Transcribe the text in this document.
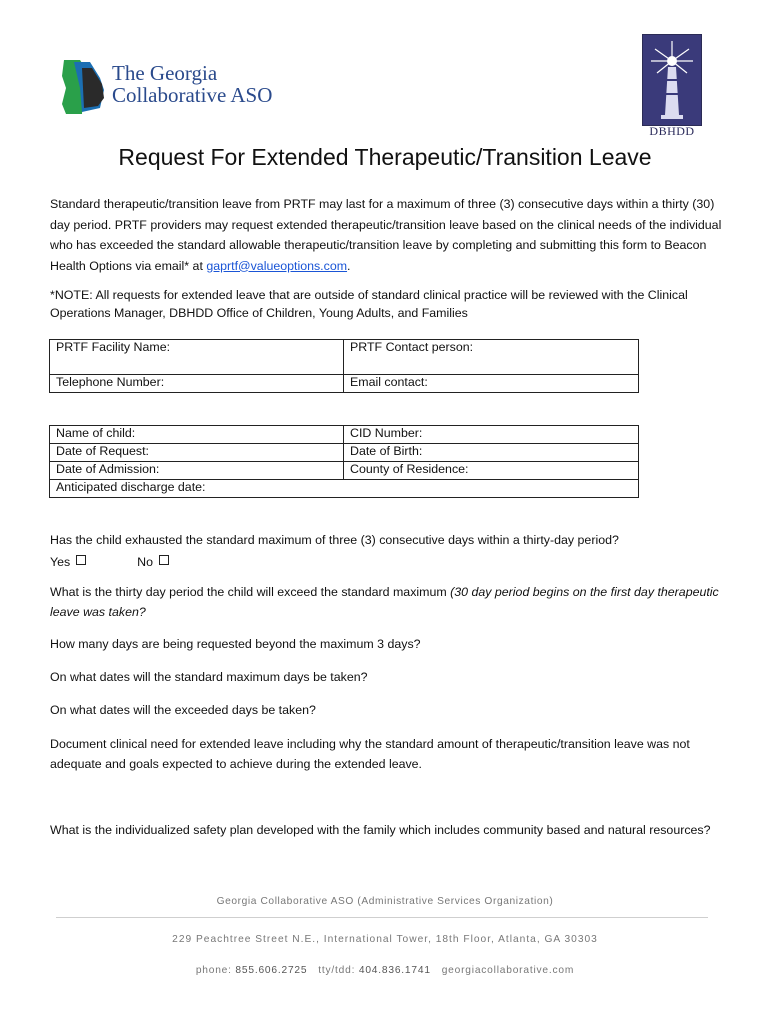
The Georgia
Collaborative ASO
DBHDD
Request For Extended Therapeutic/Transition Leave

Standard therapeutic/transition leave from PRTF may last for a maximum of three (3) consecutive days within a thirty (30) day period. PRTF providers may request extended therapeutic/transition leave based on the clinical needs of the individual who has exceeded the standard allowable therapeutic/transition leave by completing and submitting this form to Beacon Health Options via email* at gaprtf@valueoptions.com.

*NOTE: All requests for extended leave that are outside of standard clinical practice will be reviewed with the Clinical Operations Manager, DBHDD Office of Children, Young Adults, and Families

PRTF Facility Name:	PRTF Contact person:
Telephone Number:	Email contact:
Name of child:	CID Number:
Date of Request:	Date of Birth:
Date of Admission:	County of Residence:
Anticipated discharge date:	

Has the child exhausted the standard maximum of three (3) consecutive days within a thirty-day period?

Yes	No

What is the thirty day period the child will exceed the standard maximum (30 day period begins on the first day therapeutic leave was taken?

How many days are being requested beyond the maximum 3 days?

On what dates will the standard maximum days be taken?

On what dates will the exceeded days be taken?

Document clinical need for extended leave including why the standard amount of therapeutic/transition leave was not adequate and goals expected to achieve during the extended leave.

What is the individualized safety plan developed with the family which includes community based and natural resources?

Georgia Collaborative ASO (Administrative Services Organization)
229 Peachtree Street N.E., International Tower, 18th Floor, Atlanta, GA 30303
phone: 855.606.2725 tty/tdd: 404.836.1741 georgiacollaborative.com
